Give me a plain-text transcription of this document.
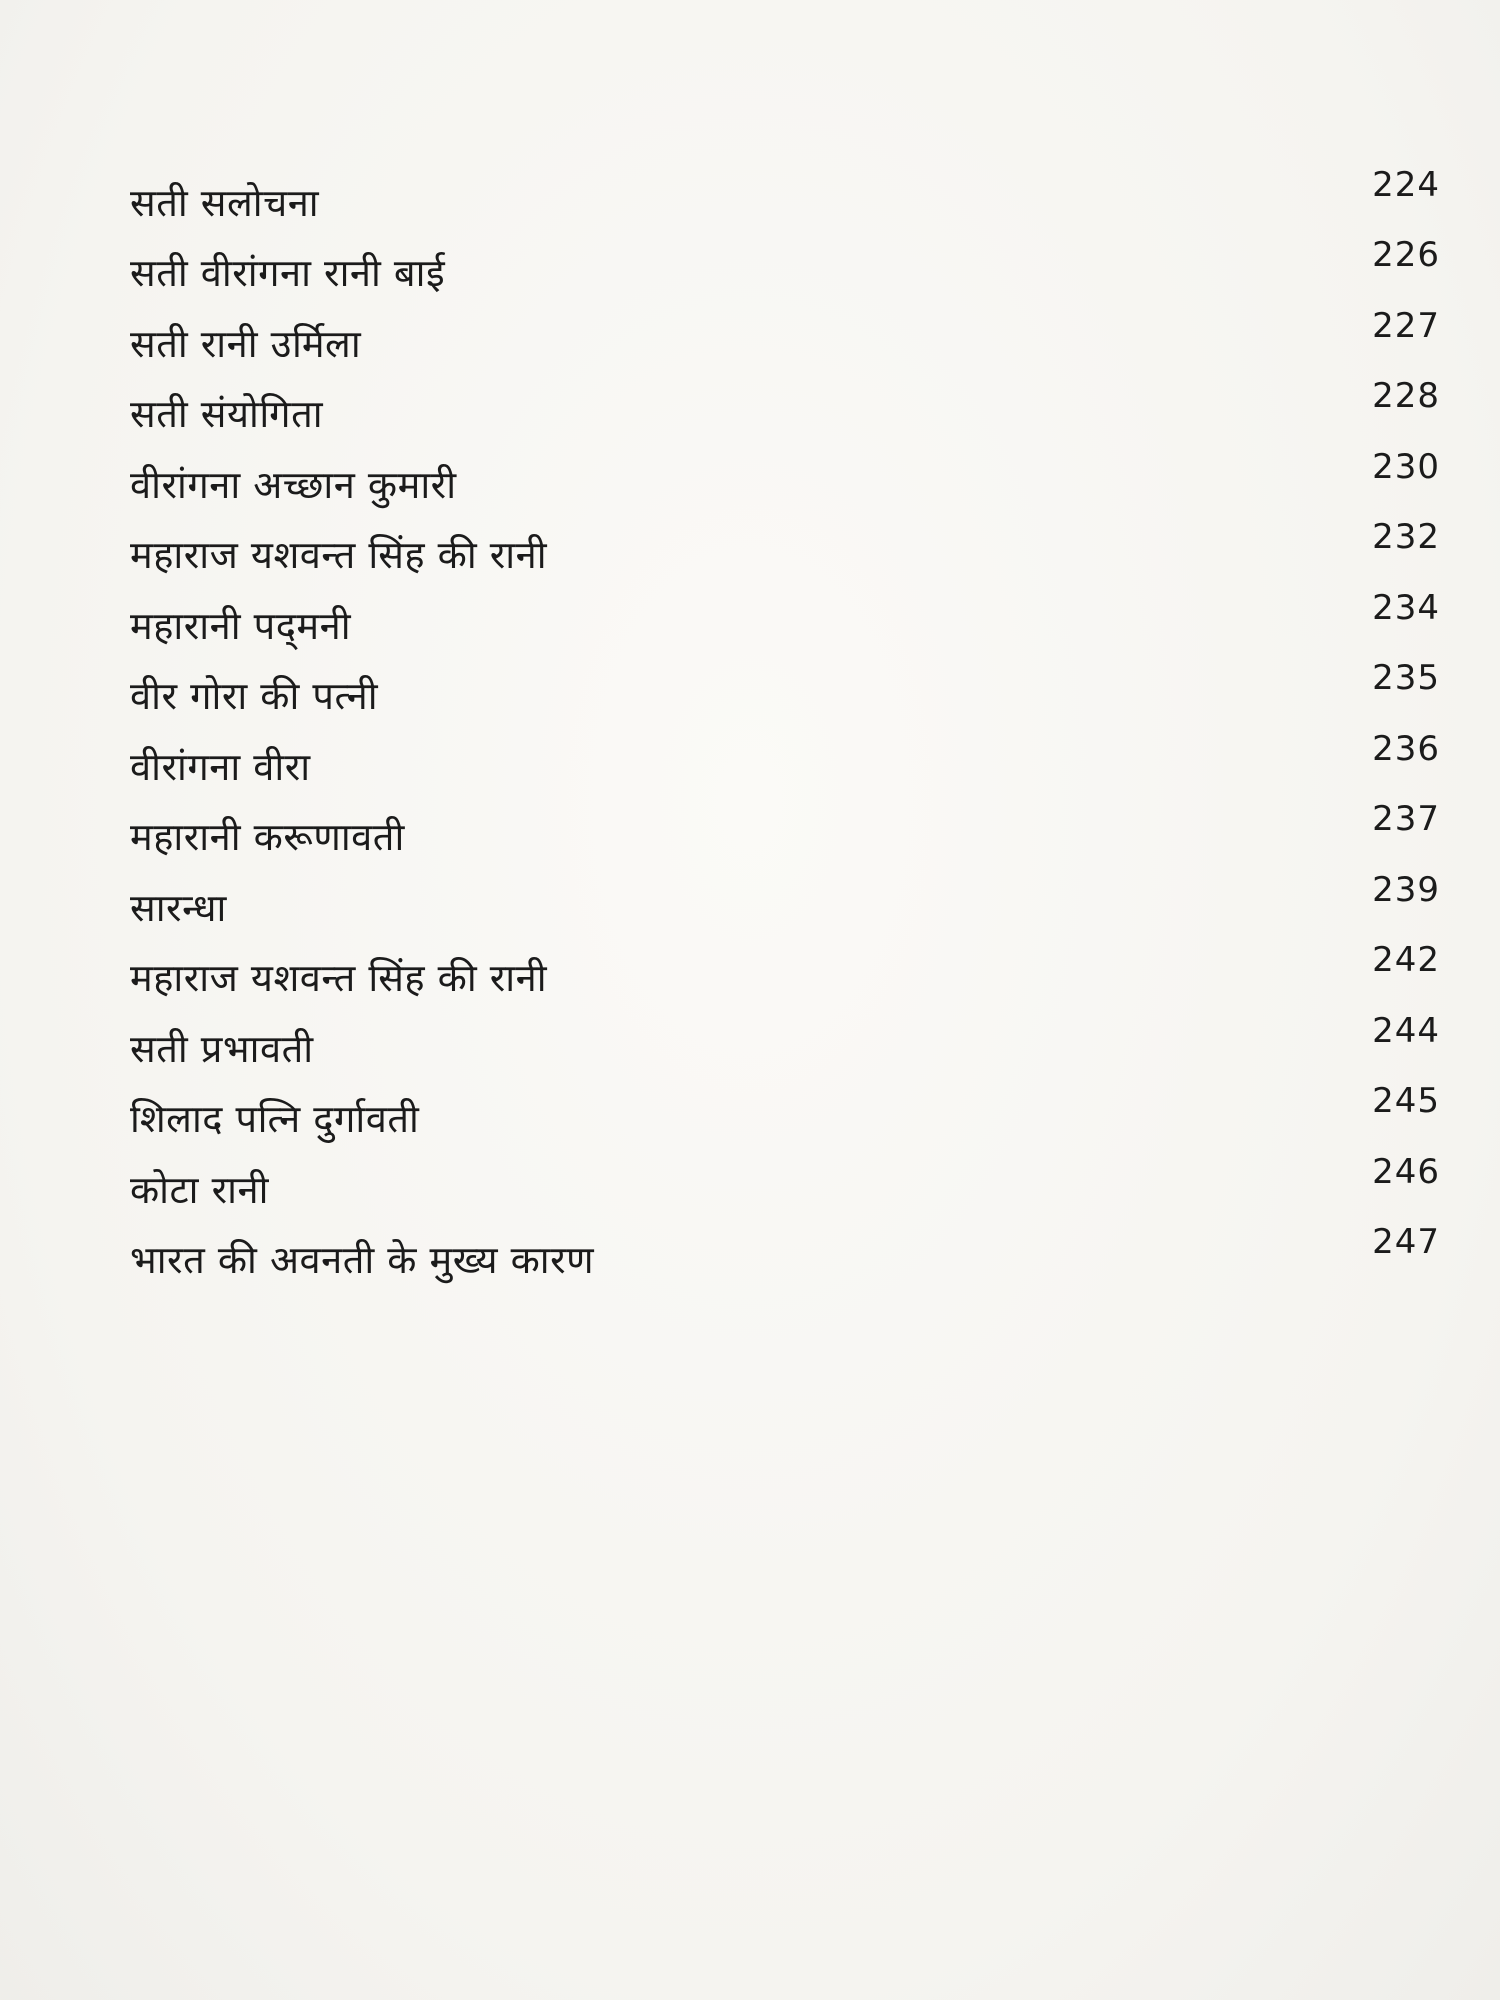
सती सलोचना	224
सती वीरांगना रानी बाई	226
सती रानी उर्मिला	227
सती संयोगिता	228
वीरांगना अच्छान कुमारी	230
महाराज यशवन्त सिंह की रानी	232
महारानी पद्‌मनी	234
वीर गोरा की पत्नी	235
वीरांगना वीरा	236
महारानी करूणावती	237
सारन्धा	239
महाराज यशवन्त सिंह की रानी	242
सती प्रभावती	244
शिलाद पत्नि दुर्गावती	245
कोटा रानी	246
भारत की अवनती के मुख्य कारण	247
